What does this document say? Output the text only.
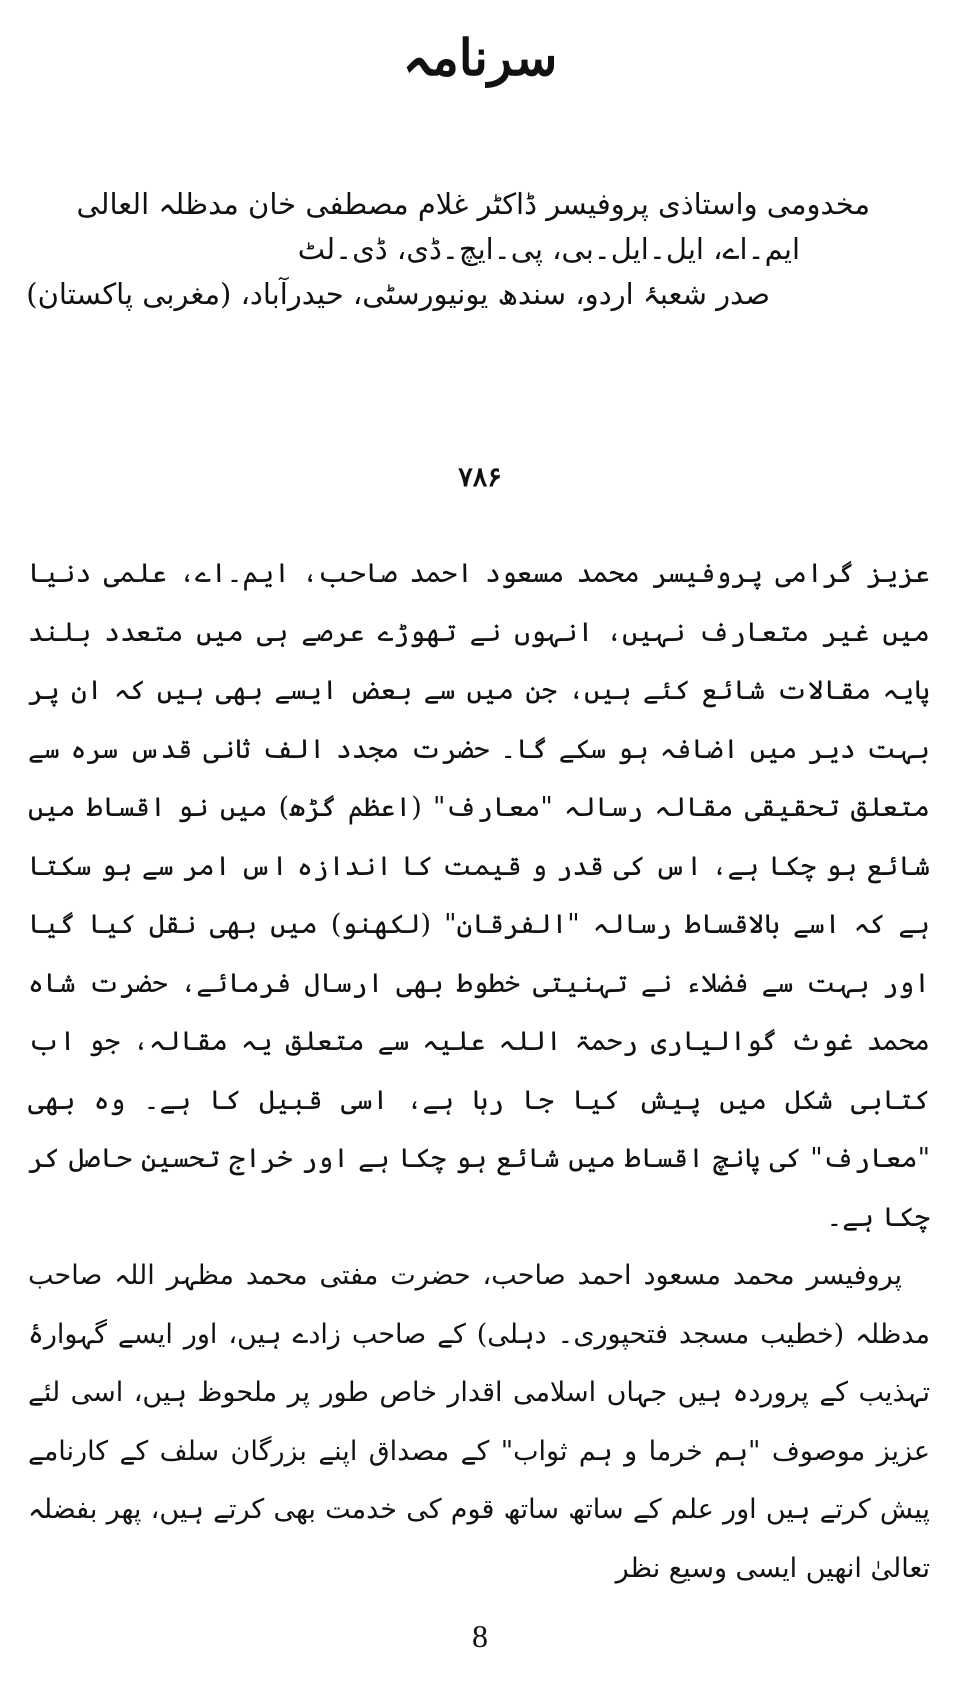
سرنامہ
مخدومی واستاذی پروفیسر ڈاکٹر غلام مصطفی خان مدظلہ العالی
ایم۔اے، ایل۔ایل۔بی، پی۔ایچ۔ڈی، ڈی۔لٹ
صدر شعبۂ اردو، سندھ یونیورسٹی، حیدرآباد، (مغربی پاکستان)
۷۸۶

عزیز گرامی پروفیسر محمد مسعود احمد صاحب، ایم۔اے، علمی دنیا میں غیر متعارف نہیں، انہوں نے تھوڑے عرصے ہی میں متعدد بلند پایہ مقالات شائع کئے ہیں، جن میں سے بعض ایسے بھی ہیں کہ ان پر بہت دیر میں اضافہ ہو سکے گا۔ حضرت مجدد الف ثانی قدس سرہ سے متعلق تحقیقی مقالہ رسالہ "معارف" (اعظم گڑھ) میں نو اقساط میں شائع ہو چکا ہے، اس کی قدر و قیمت کا اندازہ اس امر سے ہو سکتا ہے کہ اسے بالاقساط رسالہ "الفرقان" (لکھنو) میں بھی نقل کیا گیا اور بہت سے فضلاء نے تہنیتی خطوط بھی ارسال فرمائے، حضرت شاہ محمد غوث گوالیاری رحمۃ اللہ علیہ سے متعلق یہ مقالہ، جو اب کتابی شکل میں پیش کیا جا رہا ہے، اسی قبیل کا ہے۔ وہ بھی "معارف" کی پانچ اقساط میں شائع ہو چکا ہے اور خراج تحسین حاصل کر چکا ہے۔

پروفیسر محمد مسعود احمد صاحب، حضرت مفتی محمد مظہر اللہ صاحب مدظلہ (خطیب مسجد فتحپوری۔ دہلی) کے صاحب زادے ہیں، اور ایسے گہوارۂ تہذیب کے پروردہ ہیں جہاں اسلامی اقدار خاص طور پر ملحوظ ہیں، اسی لئے عزیز موصوف "ہم خرما و ہم ثواب" کے مصداق اپنے بزرگان سلف کے کارنامے پیش کرتے ہیں اور علم کے ساتھ ساتھ قوم کی خدمت بھی کرتے ہیں، پھر بفضلہ تعالیٰ انھیں ایسی وسیع نظر

8
